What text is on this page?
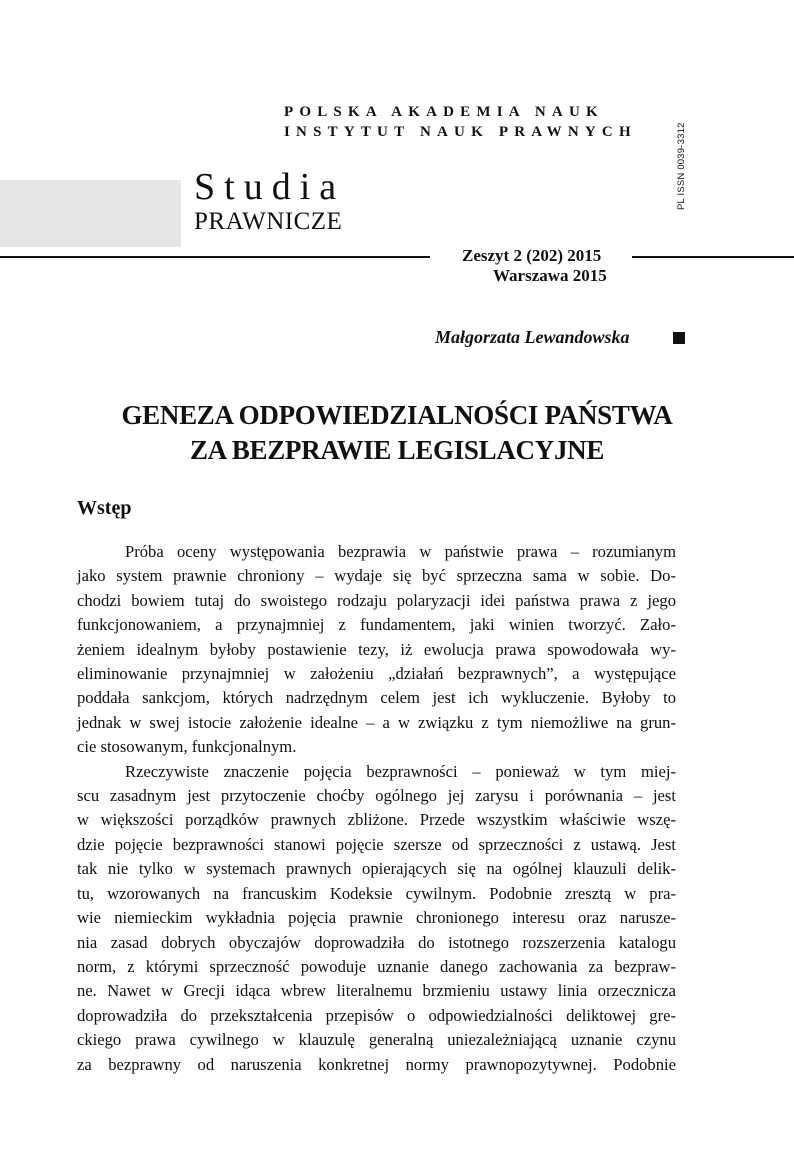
POLSKA AKADEMIA NAUK
INSTYTUT NAUK PRAWNYCH	PL ISSN 0039-3312
Studia
PRAWNICZE
Zeszyt 2 (202) 2015
Warszawa 2015
Małgorzata Lewandowska
GENEZA ODPOWIEDZIALNOŚCI PAŃSTWA
ZA BEZPRAWIE LEGISLACYJNE
Wstęp
Próba oceny występowania bezprawia w państwie prawa – rozumianym
jako system prawnie chroniony – wydaje się być sprzeczna sama w sobie. Do-
chodzi bowiem tutaj do swoistego rodzaju polaryzacji idei państwa prawa z jego
funkcjonowaniem, a przynajmniej z fundamentem, jaki winien tworzyć. Zało-
żeniem idealnym byłoby postawienie tezy, iż ewolucja prawa spowodowała wy-
eliminowanie przynajmniej w założeniu „działań bezprawnych”, a występujące
poddała sankcjom, których nadrzędnym celem jest ich wykluczenie. Byłoby to
jednak w swej istocie założenie idealne – a w związku z tym niemożliwe na grun-
cie stosowanym, funkcjonalnym.
Rzeczywiste znaczenie pojęcia bezprawności – ponieważ w tym miej-
scu zasadnym jest przytoczenie choćby ogólnego jej zarysu i porównania – jest
w większości porządków prawnych zbliżone. Przede wszystkim właściwie wszę-
dzie pojęcie bezprawności stanowi pojęcie szersze od sprzeczności z ustawą. Jest
tak nie tylko w systemach prawnych opierających się na ogólnej klauzuli delik-
tu, wzorowanych na francuskim Kodeksie cywilnym. Podobnie zresztą w pra-
wie niemieckim wykładnia pojęcia prawnie chronionego interesu oraz narusze-
nia zasad dobrych obyczajów doprowadziła do istotnego rozszerzenia katalogu
norm, z którymi sprzeczność powoduje uznanie danego zachowania za bezpraw-
ne. Nawet w Grecji idąca wbrew literalnemu brzmieniu ustawy linia orzecznicza
doprowadziła do przekształcenia przepisów o odpowiedzialności deliktowej gre-
ckiego prawa cywilnego w klauzulę generalną uniezależniającą uznanie czynu
za bezprawny od naruszenia konkretnej normy prawnopozytywnej. Podobnie
